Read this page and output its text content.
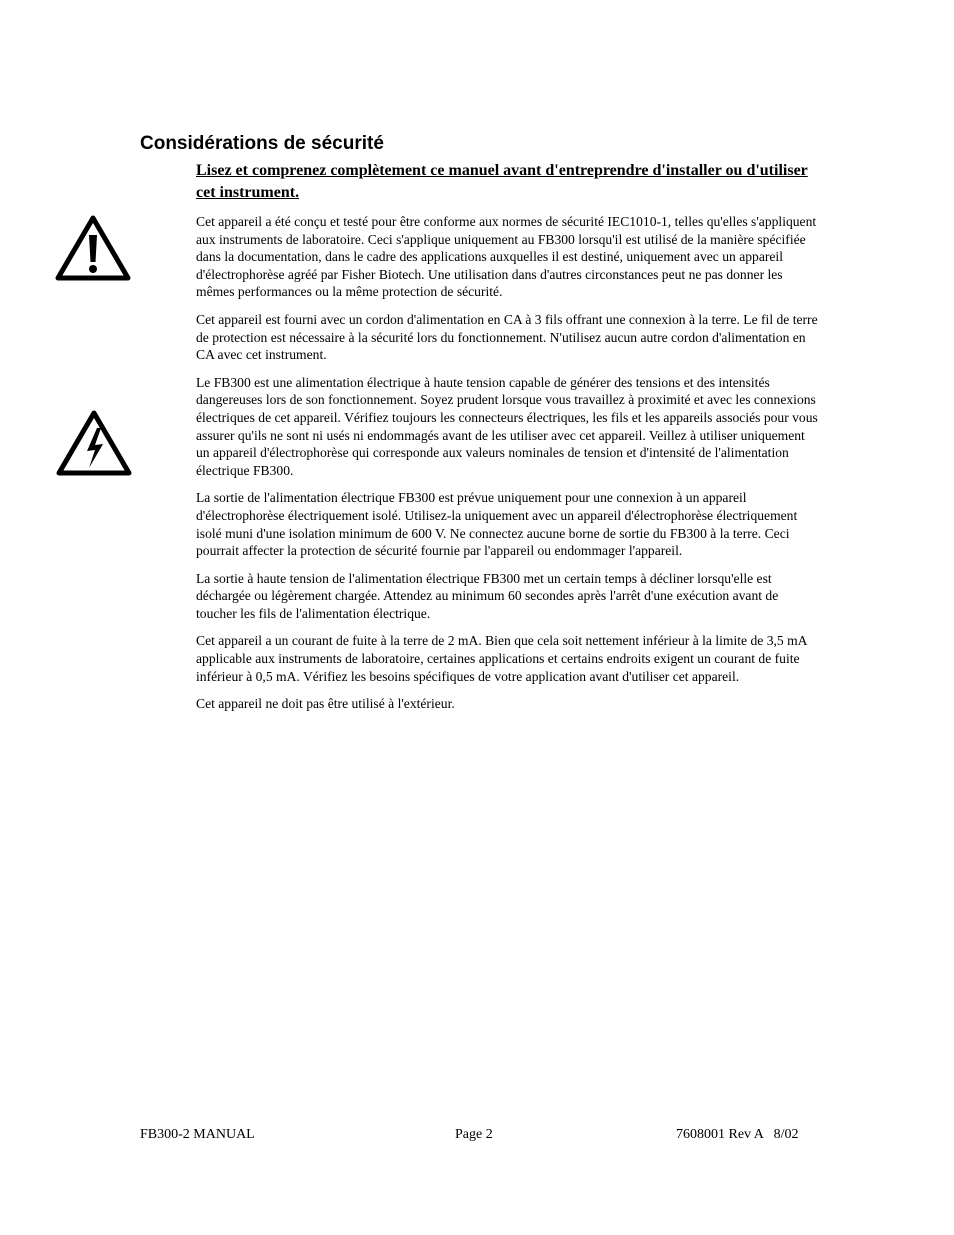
Considérations de sécurité

Lisez et comprenez complètement ce manuel avant d'entreprendre d'installer ou d'utiliser cet instrument.

Cet appareil a été conçu et testé pour être conforme aux normes de sécurité IEC1010-1, telles qu'elles s'appliquent aux instruments de laboratoire. Ceci s'applique uniquement au FB300 lorsqu'il est utilisé de la manière spécifiée dans la documentation, dans le cadre des applications auxquelles il est destiné, uniquement avec un appareil d'électrophorèse agréé par Fisher Biotech. Une utilisation dans d'autres circonstances peut ne pas donner les mêmes performances ou la même protection de sécurité.

Cet appareil est fourni avec un cordon d'alimentation en CA à 3 fils offrant une connexion à la terre. Le fil de terre de protection est nécessaire à la sécurité lors du fonctionnement. N'utilisez aucun autre cordon d'alimentation en CA avec cet instrument.

Le FB300 est une alimentation électrique à haute tension capable de générer des tensions et des intensités dangereuses lors de son fonctionnement. Soyez prudent lorsque vous travaillez à proximité et avec les connexions électriques de cet appareil. Vérifiez toujours les connecteurs électriques, les fils et les appareils associés pour vous assurer qu'ils ne sont ni usés ni endommagés avant de les utiliser avec cet appareil. Veillez à utiliser uniquement un appareil d'électrophorèse qui corresponde aux valeurs nominales de tension et d'intensité de l'alimentation électrique FB300.

La sortie de l'alimentation électrique FB300 est prévue uniquement pour une connexion à un appareil d'électrophorèse électriquement isolé. Utilisez-la uniquement avec un appareil d'électrophorèse électriquement isolé muni d'une isolation minimum de 600 V. Ne connectez aucune borne de sortie du FB300 à la terre. Ceci pourrait affecter la protection de sécurité fournie par l'appareil ou endommager l'appareil.

La sortie à haute tension de l'alimentation électrique FB300 met un certain temps à décliner lorsqu'elle est déchargée ou légèrement chargée. Attendez au minimum 60 secondes après l'arrêt d'une exécution avant de toucher les fils de l'alimentation électrique.

Cet appareil a un courant de fuite à la terre de 2 mA. Bien que cela soit nettement inférieur à la limite de 3,5 mA applicable aux instruments de laboratoire, certaines applications et certains endroits exigent un courant de fuite inférieur à 0,5 mA. Vérifiez les besoins spécifiques de votre application avant d'utiliser cet appareil.

Cet appareil ne doit pas être utilisé à l'extérieur.

FB300-2 MANUAL	Page 2	7608001 Rev A   8/02
